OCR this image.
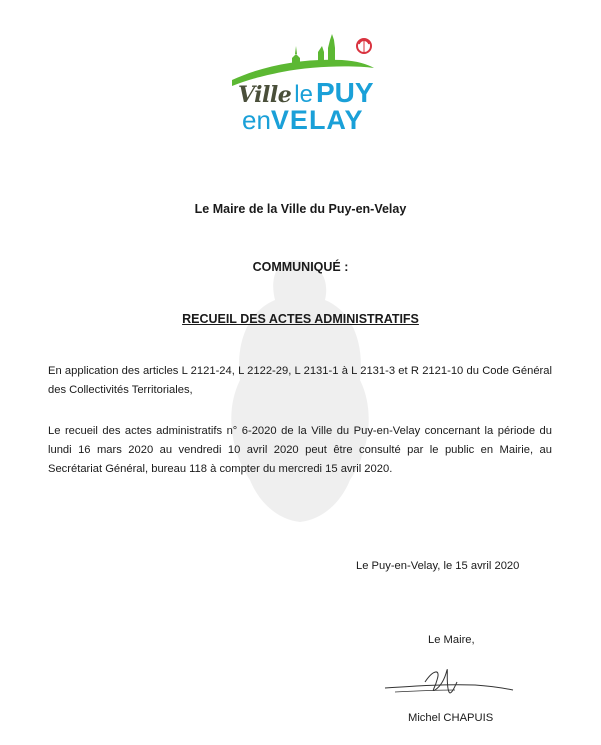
Ville le PUY
enVELAY
Le Maire de la Ville du Puy-en-Velay
COMMUNIQUÉ :
RECUEIL DES ACTES ADMINISTRATIFS
En application des articles L 2121-24, L 2122-29, L 2131-1 à L 2131-3 et R 2121-10 du Code Général des Collectivités Territoriales,
Le recueil des actes administratifs n° 6-2020 de la Ville du Puy-en-Velay concernant la période du lundi 16 mars 2020 au vendredi 10 avril 2020 peut être consulté par le public en Mairie, au Secrétariat Général, bureau 118 à compter du mercredi 15 avril 2020.
Le Puy-en-Velay, le 15 avril 2020
Le Maire,
Michel CHAPUIS
